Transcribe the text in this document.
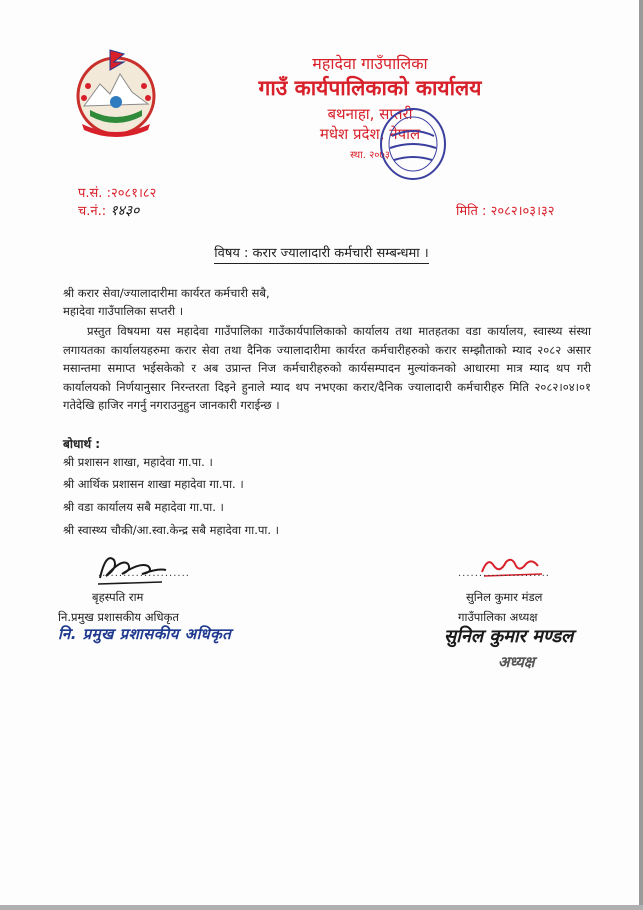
महादेवा गाउँपालिका
गाउँ कार्यपालिकाको कार्यालय
बथनाहा, सप्तरी
मधेश प्रदेश, नेपाल
स्था. २०७३
प.सं. :२०८१।८२
च.नं.: १४३०	मिति : २०८२।०३।३२
विषय : करार ज्यालादारी कर्मचारी सम्बन्धमा ।
श्री करार सेवा/ज्यालादारीमा कार्यरत कर्मचारी सबै,
महादेवा गाउँपालिका सप्तरी ।
प्रस्तुत विषयमा यस महादेवा गाउँपालिका गाउँकार्यपालिकाको कार्यालय तथा मातहतका वडा कार्यालय, स्वास्थ्य संस्था लगायतका कार्यालयहरुमा करार सेवा तथा दैनिक ज्यालादारीमा कार्यरत कर्मचारीहरुको करार सम्झौताको म्याद २०८२ असार मसान्तमा समाप्त भईसकेको र अब उप्रान्त निज कर्मचारीहरुको कार्यसम्पादन मुल्यांकनको आधारमा मात्र म्याद थप गरी कार्यालयको निर्णयानुसार निरन्तरता दिइने हुनाले म्याद थप नभएका करार/दैनिक ज्यालादारी कर्मचारीहरु मिति २०८२।०४।०१ गतेदेखि हाजिर नगर्नु नगराउनुहुन जानकारी गराईन्छ ।
बोधार्थ :
श्री प्रशासन शाखा, महादेवा गा.पा. ।
श्री आर्थिक प्रशासन शाखा महादेवा गा.पा. ।
श्री वडा कार्यालय सबै महादेवा गा.पा. ।
श्री स्वास्थ्य चौकी/आ.स्वा.केन्द्र सबै महादेवा गा.पा. ।
......................
बृहस्पति राम
नि.प्रमुख प्रशासकीय अधिकृत
नि. प्रमुख प्रशासकीय अधिकृत
......................
सुनिल कुमार मंडल
गाउँपालिका अध्यक्ष
सुनिल कुमार मण्डल
अध्यक्ष
